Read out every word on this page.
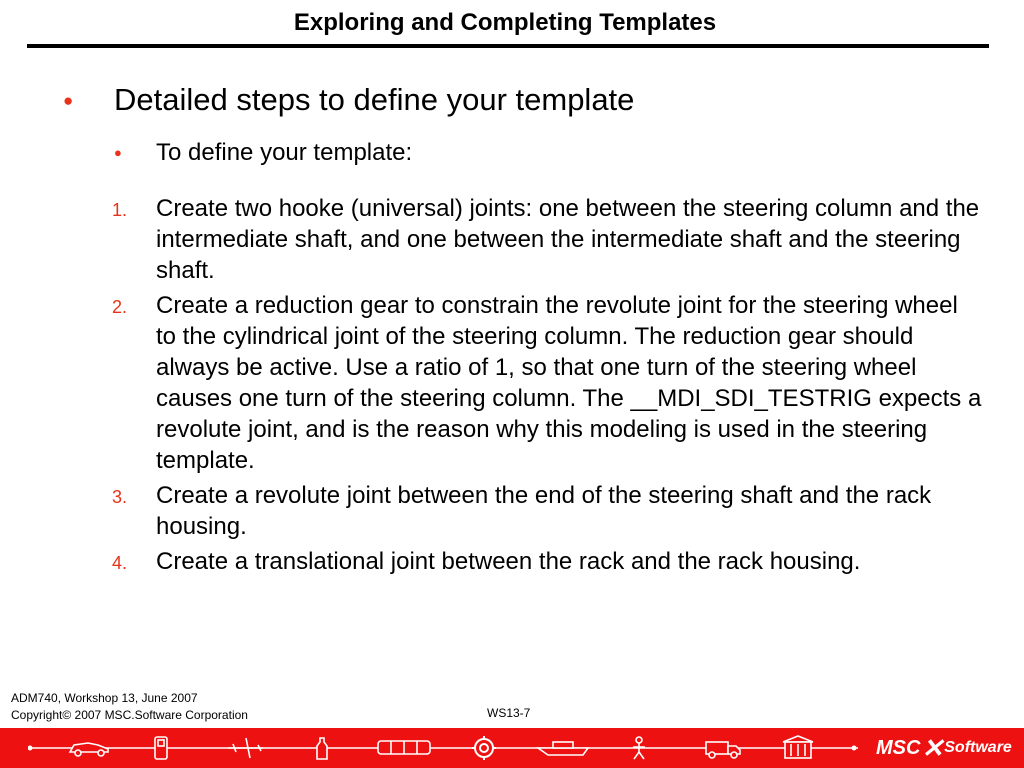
Exploring and Completing Templates
● Detailed steps to define your template
● To define your template:
1. Create two hooke (universal) joints: one between the steering column and the intermediate shaft, and one between the intermediate shaft and the steering shaft.
2. Create a reduction gear to constrain the revolute joint for the steering wheel to the cylindrical joint of the steering column. The reduction gear should always be active. Use a ratio of 1, so that one turn of the steering wheel causes one turn of the steering column. The __MDI_SDI_TESTRIG expects a revolute joint, and is the reason why this modeling is used in the steering template.
3. Create a revolute joint between the end of the steering shaft and the rack housing.
4. Create a translational joint between the rack and the rack housing.
ADM740, Workshop 13, June 2007
Copyright© 2007 MSC.Software Corporation	WS13-7
MSC ✕ Software
